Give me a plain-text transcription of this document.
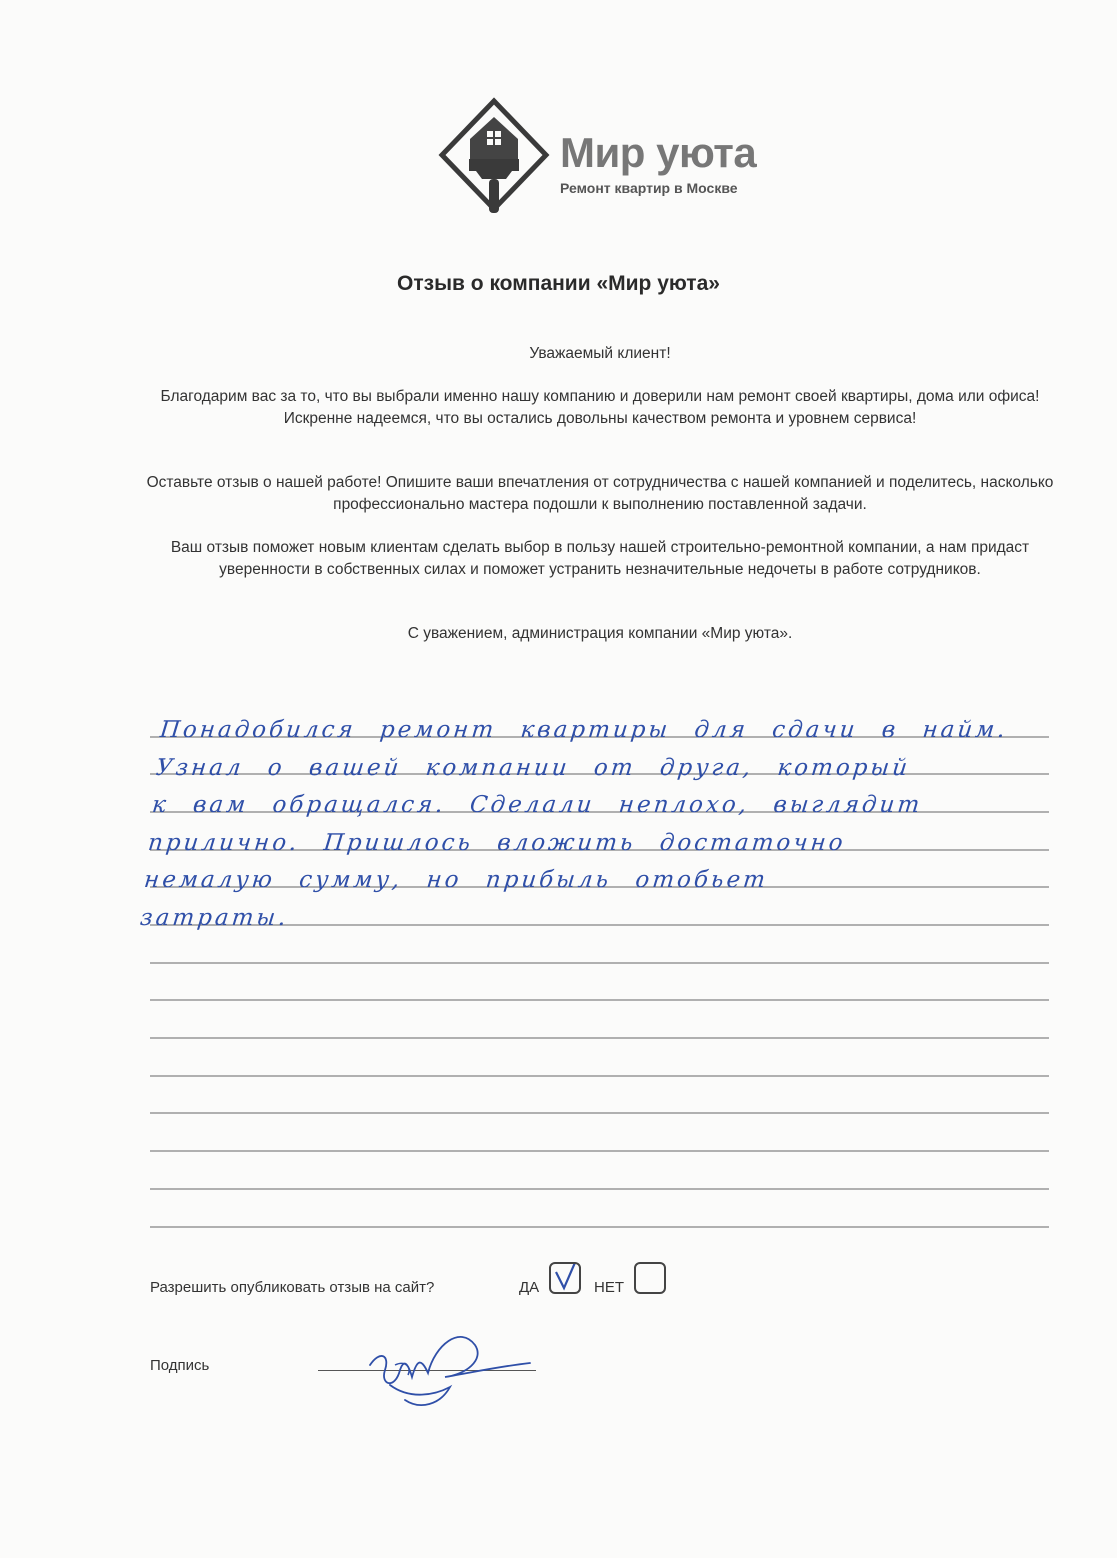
Мир уюта
Ремонт квартир в Москве
Отзыв о компании «Мир уюта»
Уважаемый клиент!
Благодарим вас за то, что вы выбрали именно нашу компанию и доверили нам ремонт своей квартиры, дома или офиса! Искренне надеемся, что вы остались довольны качеством ремонта и уровнем сервиса!
Оставьте отзыв о нашей работе! Опишите ваши впечатления от сотрудничества с нашей компанией и поделитесь, насколько профессионально мастера подошли к выполнению поставленной задачи.
Ваш отзыв поможет новым клиентам сделать выбор в пользу нашей строительно-ремонтной компании, а нам придаст уверенности в собственных силах и поможет устранить незначительные недочеты в работе сотрудников.
С уважением, администрация компании «Мир уюта».
Понадобился ремонт квартиры для сдачи в найм.
Узнал о вашей компании от друга, который
к вам обращался. Сделали неплохо, выглядит
прилично. Пришлось вложить достаточно
немалую сумму, но прибыль отобьет
затраты.
Разрешить опубликовать отзыв на сайт?	ДА	НЕТ
Подпись
